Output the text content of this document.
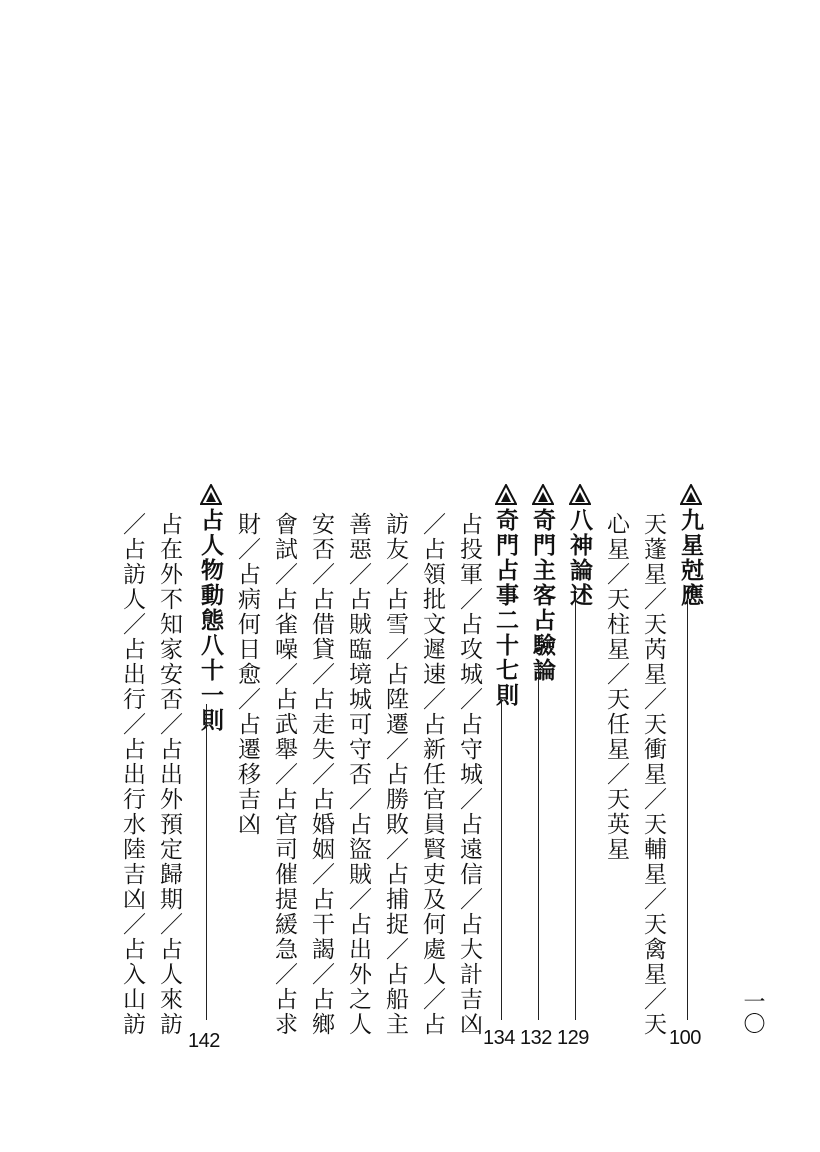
一〇
九星尅應
100
天蓬星／天芮星／天衝星／天輔星／天禽星／天
心星／天柱星／天任星／天英星
八神論述
129
奇門主客占驗論
132
奇門占事二十七則
134
占投軍／占攻城／占守城／占遠信／占大計吉凶
／占領批文遲速／占新任官員賢吏及何處人／占
訪友／占雪／占陞遷／占勝敗／占捕捉／占船主
善惡／占賊臨境城可守否／占盜賊／占出外之人
安否／占借貸／占走失／占婚姻／占干謁／占鄉
會試／占雀噪／占武舉／占官司催提緩急／占求
財／占病何日愈／占遷移吉凶
占人物動態八十一則
142
占在外不知家安否／占出外預定歸期／占人來訪
／占訪人／占出行／占出行水陸吉凶／占入山訪
